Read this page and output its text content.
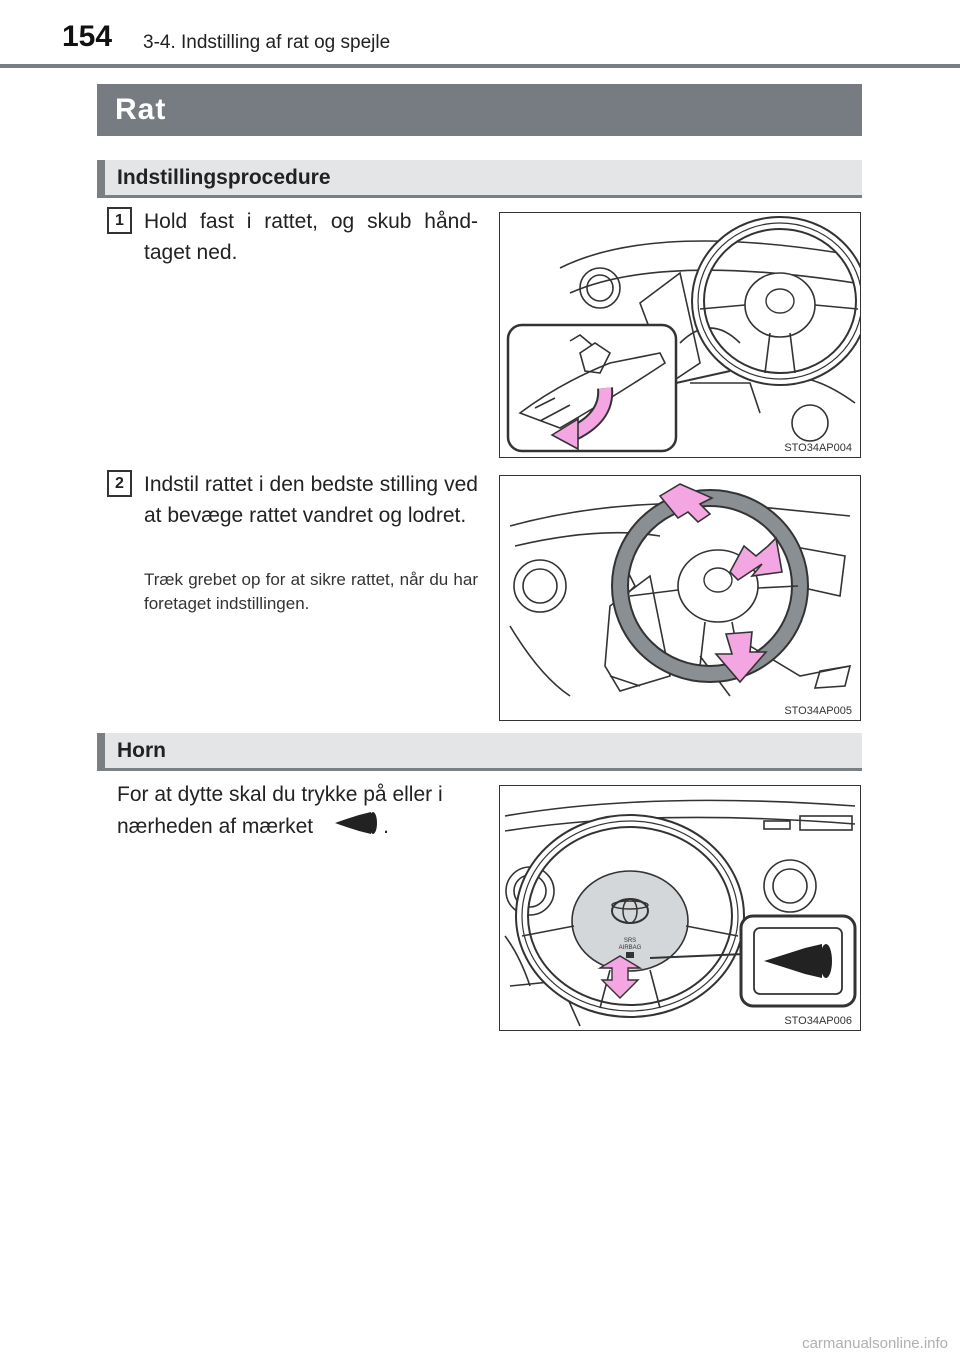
154 3-4. Indstilling af rat og spejle
Rat
Indstillingsprocedure
1 Hold fast i rattet, og skub hånd-taget ned.
STO34AP004
2 Indstil rattet i den bedste stilling ved at bevæge rattet vandret og lodret.
Træk grebet op for at sikre rattet, når du har foretaget indstillingen.
STO34AP005
Horn
For at dytte skal du trykke på eller i nærheden af mærket	.
SRS
AIRBAG
STO34AP006
carmanualsonline.info
